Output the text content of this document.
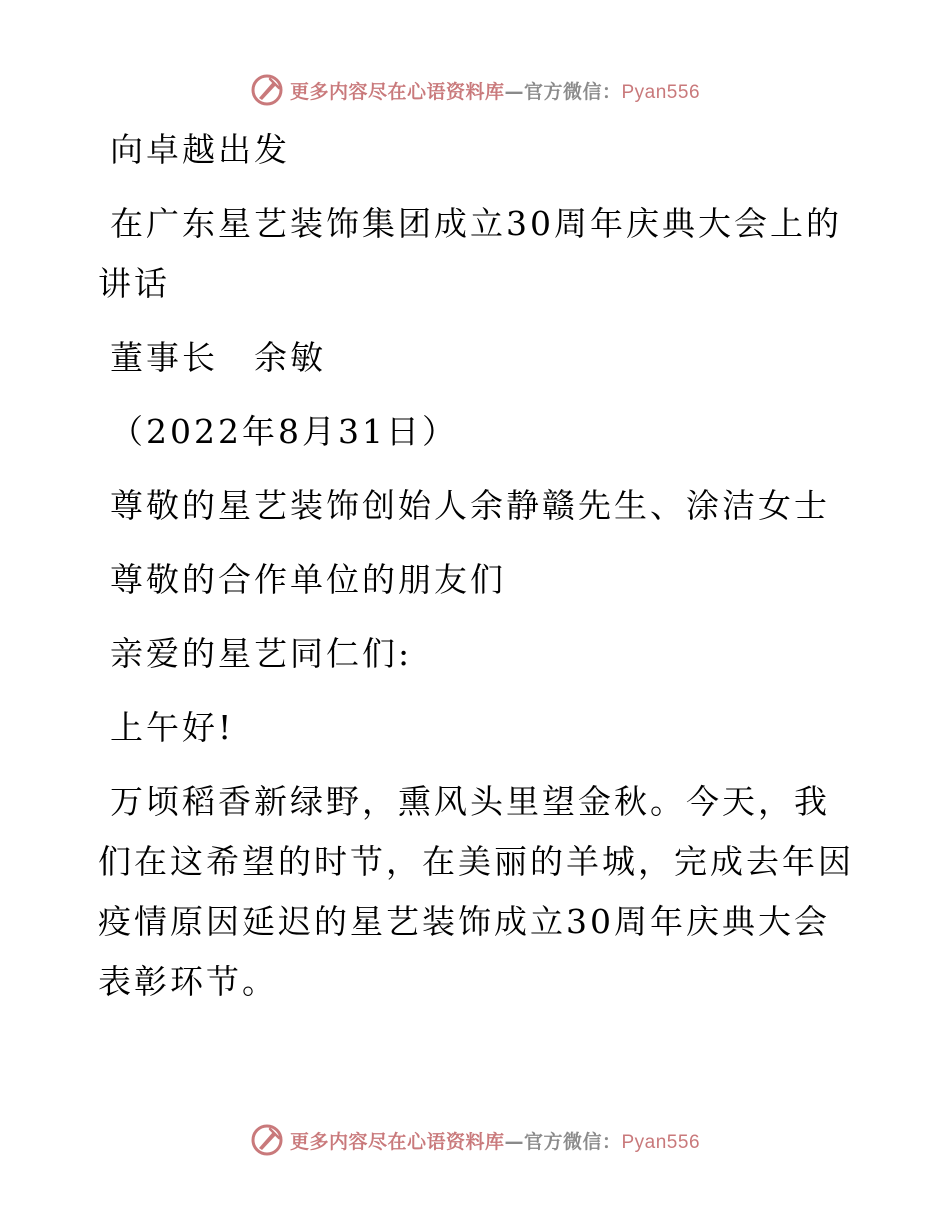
更多内容尽在心语资料库—官方微信：Pyan556

向卓越出发

在广东星艺装饰集团成立30周年庆典大会上的讲话

董事长　余敏

（2022年8月31日）

尊敬的星艺装饰创始人余静赣先生、涂洁女士

尊敬的合作单位的朋友们

亲爱的星艺同仁们:

上午好!

万顷稻香新绿野，熏风头里望金秋。今天，我们在这希望的时节，在美丽的羊城，完成去年因疫情原因延迟的星艺装饰成立30周年庆典大会表彰环节。

更多内容尽在心语资料库—官方微信：Pyan556
